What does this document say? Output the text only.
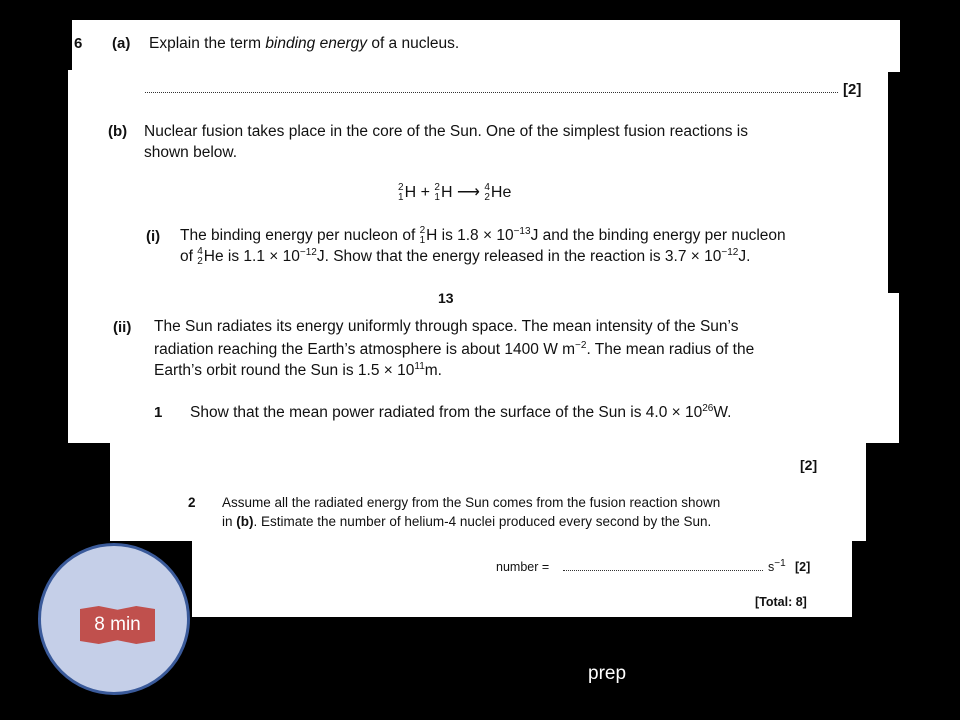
6 (a) Explain the term binding energy of a nucleus.
[2]
(b) Nuclear fusion takes place in the core of the Sun. One of the simplest fusion reactions is
shown below.
2
1 H + 2
1 H ⟶ 4
2 He
(i) The binding energy per nucleon of 2
1 H is $1.8 \times 10^{-13}J$ and the binding energy per nucleon
of 4
2 He is $1.1 \times 10^{-12}J$. Show that the energy released in the reaction is $3.7 \times 10^{-12}J$.
13
(ii) The Sun radiates its energy uniformly through space. The mean intensity of the Sun’s
radiation reaching the Earth’s atmosphere is about 1400 W $m^{-2}$. The mean radius of the
Earth’s orbit round the Sun is $1.5 \times 10^{11}m$.
1 Show that the mean power radiated from the surface of the Sun is $4.0 \times 10^{26}W$.
[2]
2 Assume all the radiated energy from the Sun comes from the fusion reaction shown
in (b). Estimate the number of helium-4 nuclei produced every second by the Sun.
number =	$s^{-1}$ [2]
[Total: 8]
8 min
prep
